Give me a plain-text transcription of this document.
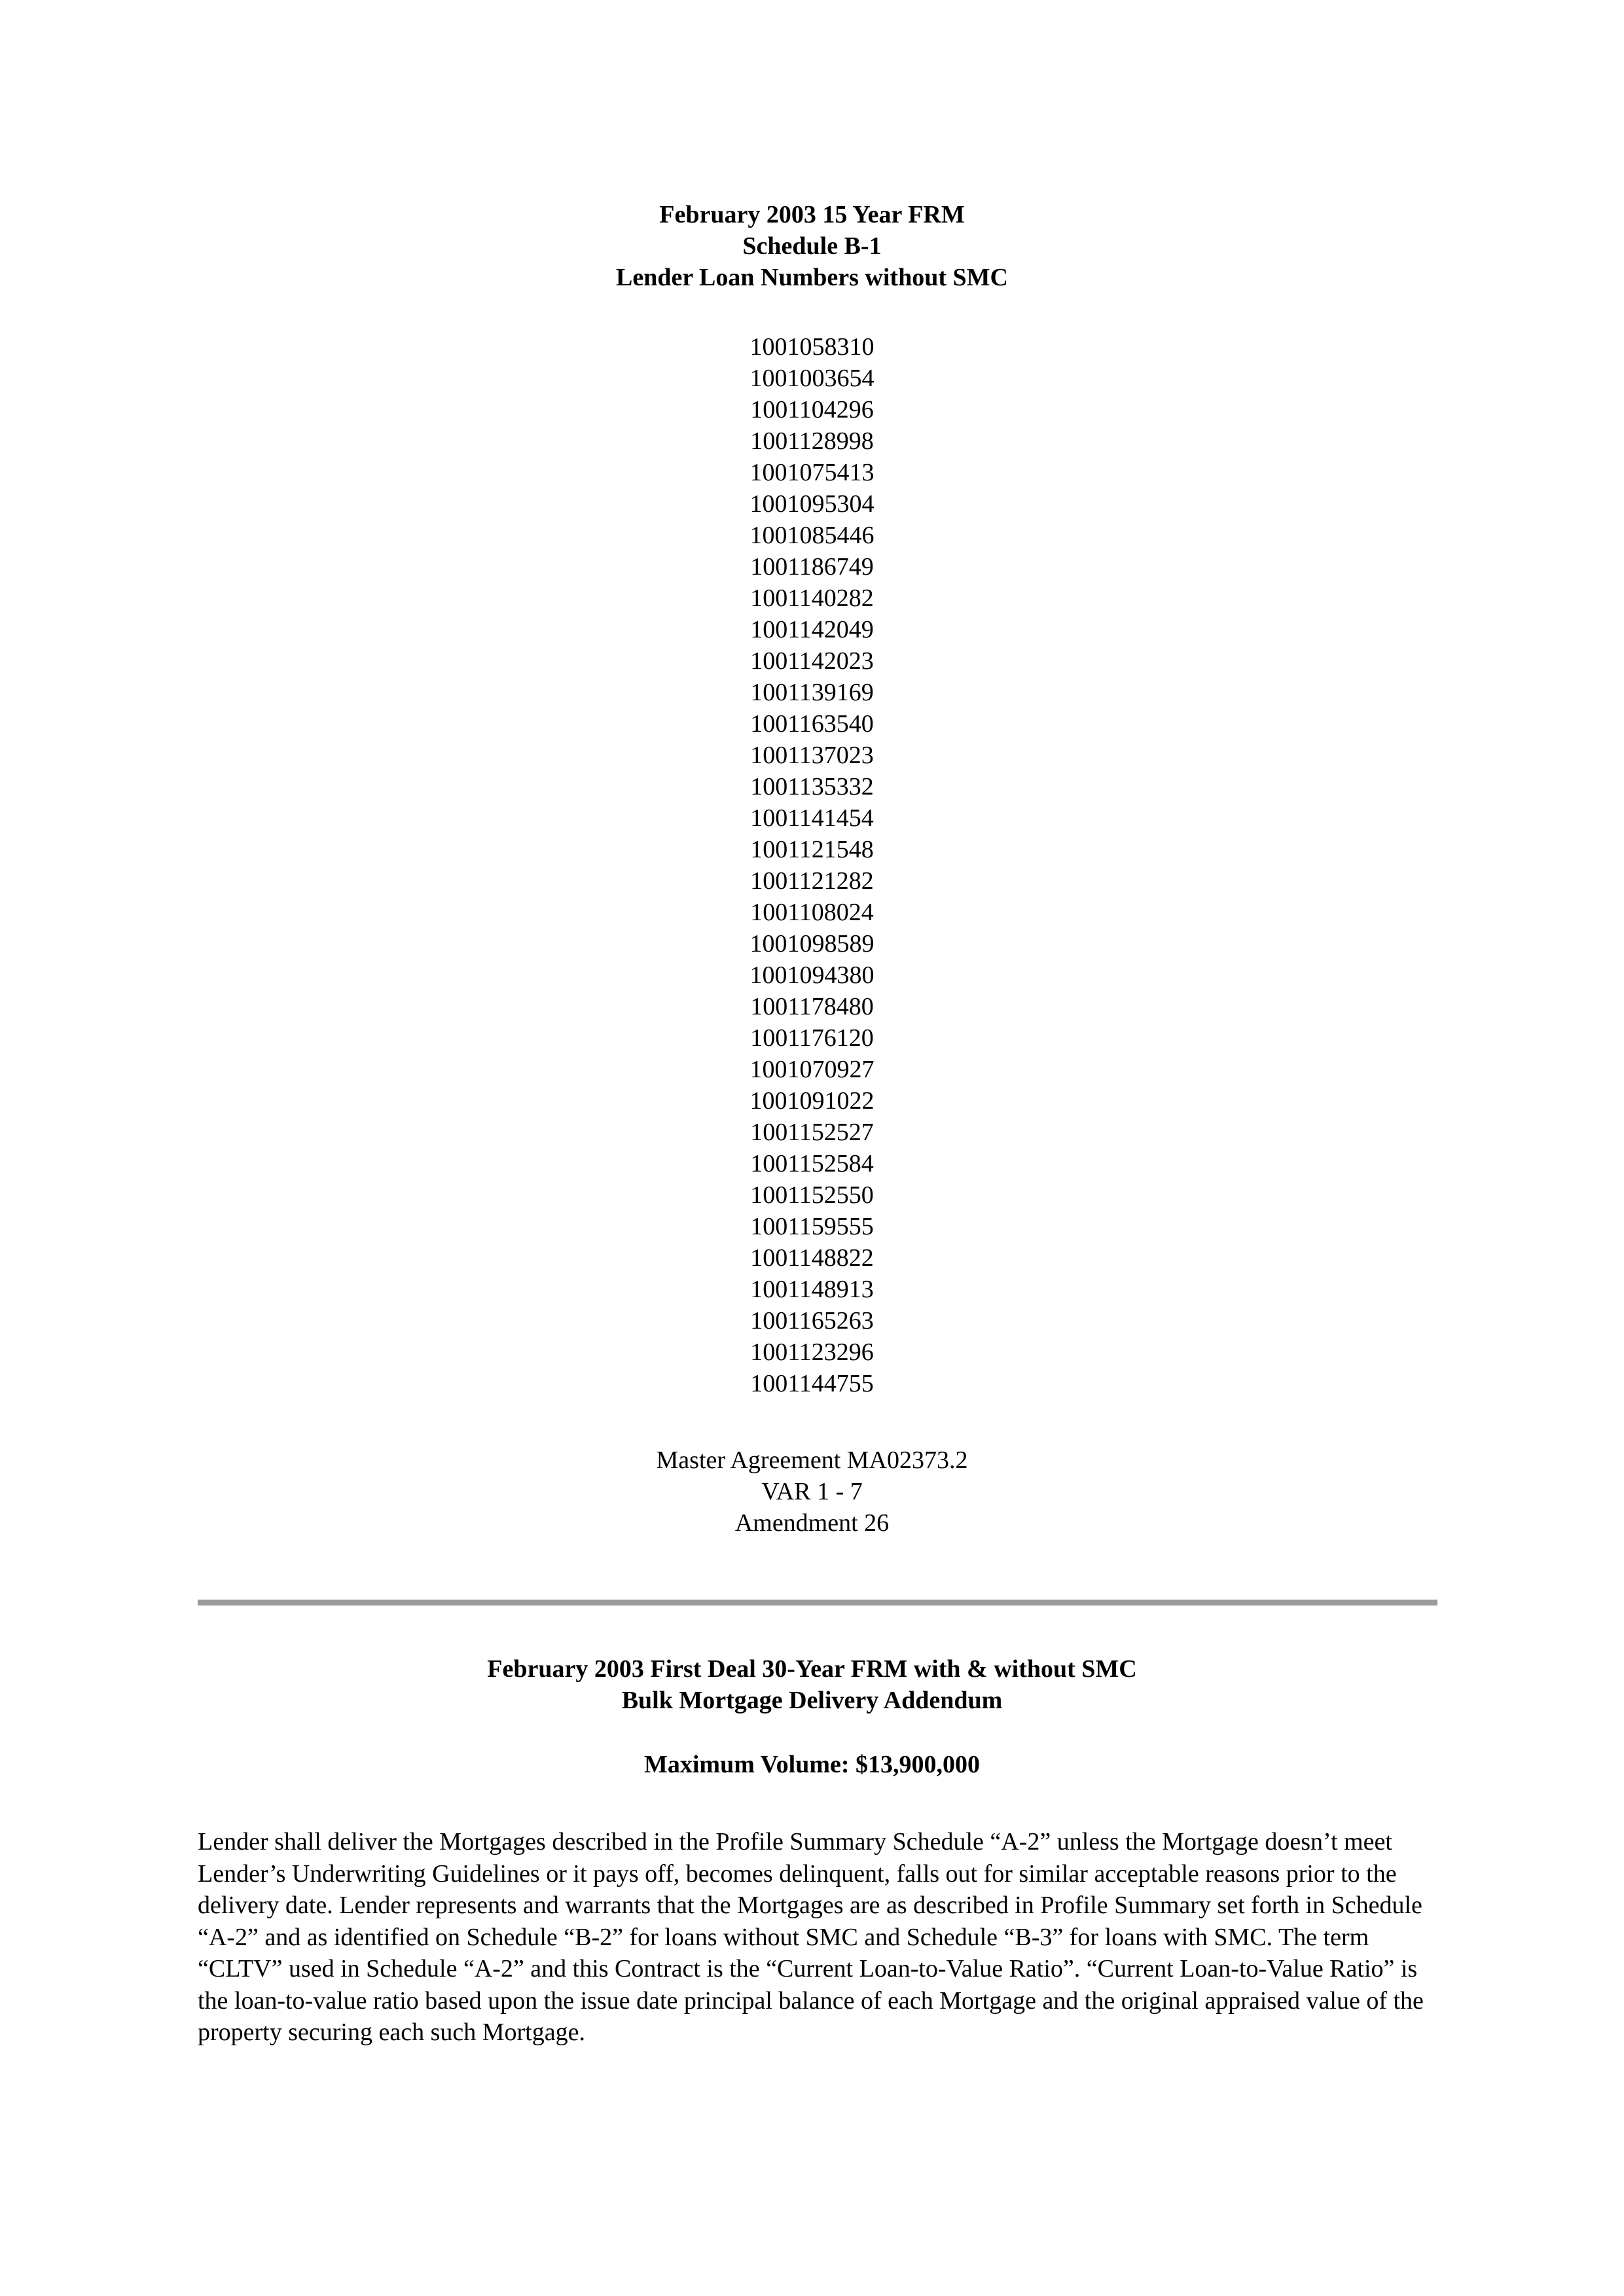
February 2003 15 Year FRM
Schedule B-1
Lender Loan Numbers without SMC
1001058310
1001003654
1001104296
1001128998
1001075413
1001095304
1001085446
1001186749
1001140282
1001142049
1001142023
1001139169
1001163540
1001137023
1001135332
1001141454
1001121548
1001121282
1001108024
1001098589
1001094380
1001178480
1001176120
1001070927
1001091022
1001152527
1001152584
1001152550
1001159555
1001148822
1001148913
1001165263
1001123296
1001144755
Master Agreement MA02373.2
VAR 1 - 7
Amendment 26
February 2003 First Deal 30-Year FRM with & without SMC
Bulk Mortgage Delivery Addendum
Maximum Volume: $13,900,000

Lender shall deliver the Mortgages described in the Profile Summary Schedule “A-2” unless the Mortgage doesn’t meet Lender’s Underwriting Guidelines or it pays off, becomes delinquent, falls out for similar acceptable reasons prior to the delivery date. Lender represents and warrants that the Mortgages are as described in Profile Summary set forth in Schedule “A-2” and as identified on Schedule “B-2” for loans without SMC and Schedule “B-3” for loans with SMC. The term “CLTV” used in Schedule “A-2” and this Contract is the “Current Loan-to-Value Ratio”. “Current Loan-to-Value Ratio” is the loan-to-value ratio based upon the issue date principal balance of each Mortgage and the original appraised value of the property securing each such Mortgage.
